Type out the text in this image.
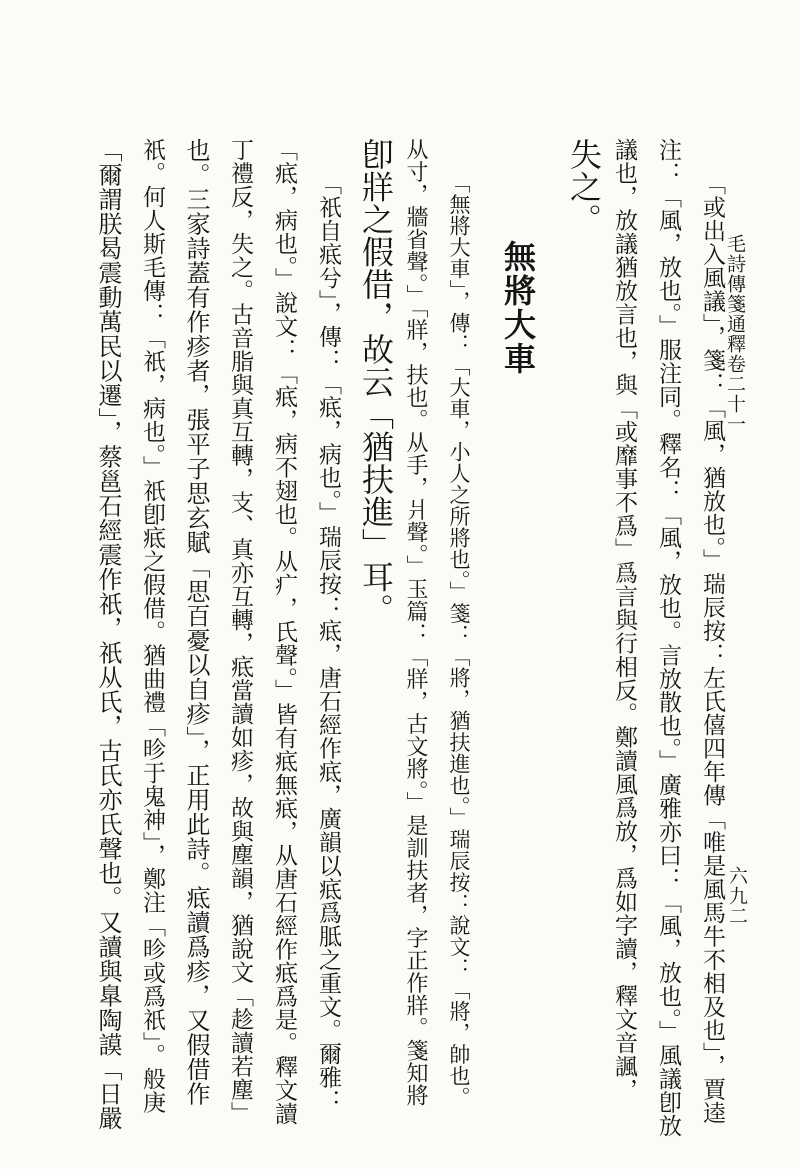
毛詩傳箋通釋卷二十一
六九二
失之。 議也，放議猶放言也，與「或靡事不爲」爲言與行相反。鄭讀風爲放，爲如字讀，釋文音諷， 注：「風，放也。」服注同。釋名：「風，放也。言放散也。」廣雅亦曰：「風，放也。」風議卽放 「或出入風議」，箋：「風，猶放也。」瑞辰按：左氏僖四年傳「唯是風馬牛不相及也」，賈逵
無將大車
「無將大車」，傳：「大車，小人之所將也。」箋：「將，猶扶進也。」瑞辰按：說文：「將，帥也。
从寸，牆省聲。」「牂，扶也。从手，爿聲。」玉篇：「牂，古文將。」是訓扶者，字正作牂。箋知將
卽牂之假借，故云「猶扶進」耳。
「祇自疷兮」，傳：「疷，病也。」瑞辰按：疷，唐石經作疷，廣韻以疷爲胝之重文。爾雅：
「疷，病也。」說文：「疷，病不翅也。从疒，氏聲。」皆有疷無疷，从唐石經作疷爲是。釋文讀
丁禮反，失之。古音脂與真互轉，支、真亦互轉，疷當讀如疹，故與塵韻，猶說文「趁讀若塵」
也。三家詩蓋有作疹者，張平子思玄賦「思百憂以自疹」，正用此詩。疷讀爲疹，又假借作
祇。何人斯毛傳：「祇，病也。」祇卽疷之假借。猶曲禮「昣于鬼神」，鄭注「昣或爲祇」。般庚
「爾謂朕曷震動萬民以遷」，蔡邕石經震作祇，祇从氏，古氏亦氏聲也。又讀與臯陶謨「日嚴
